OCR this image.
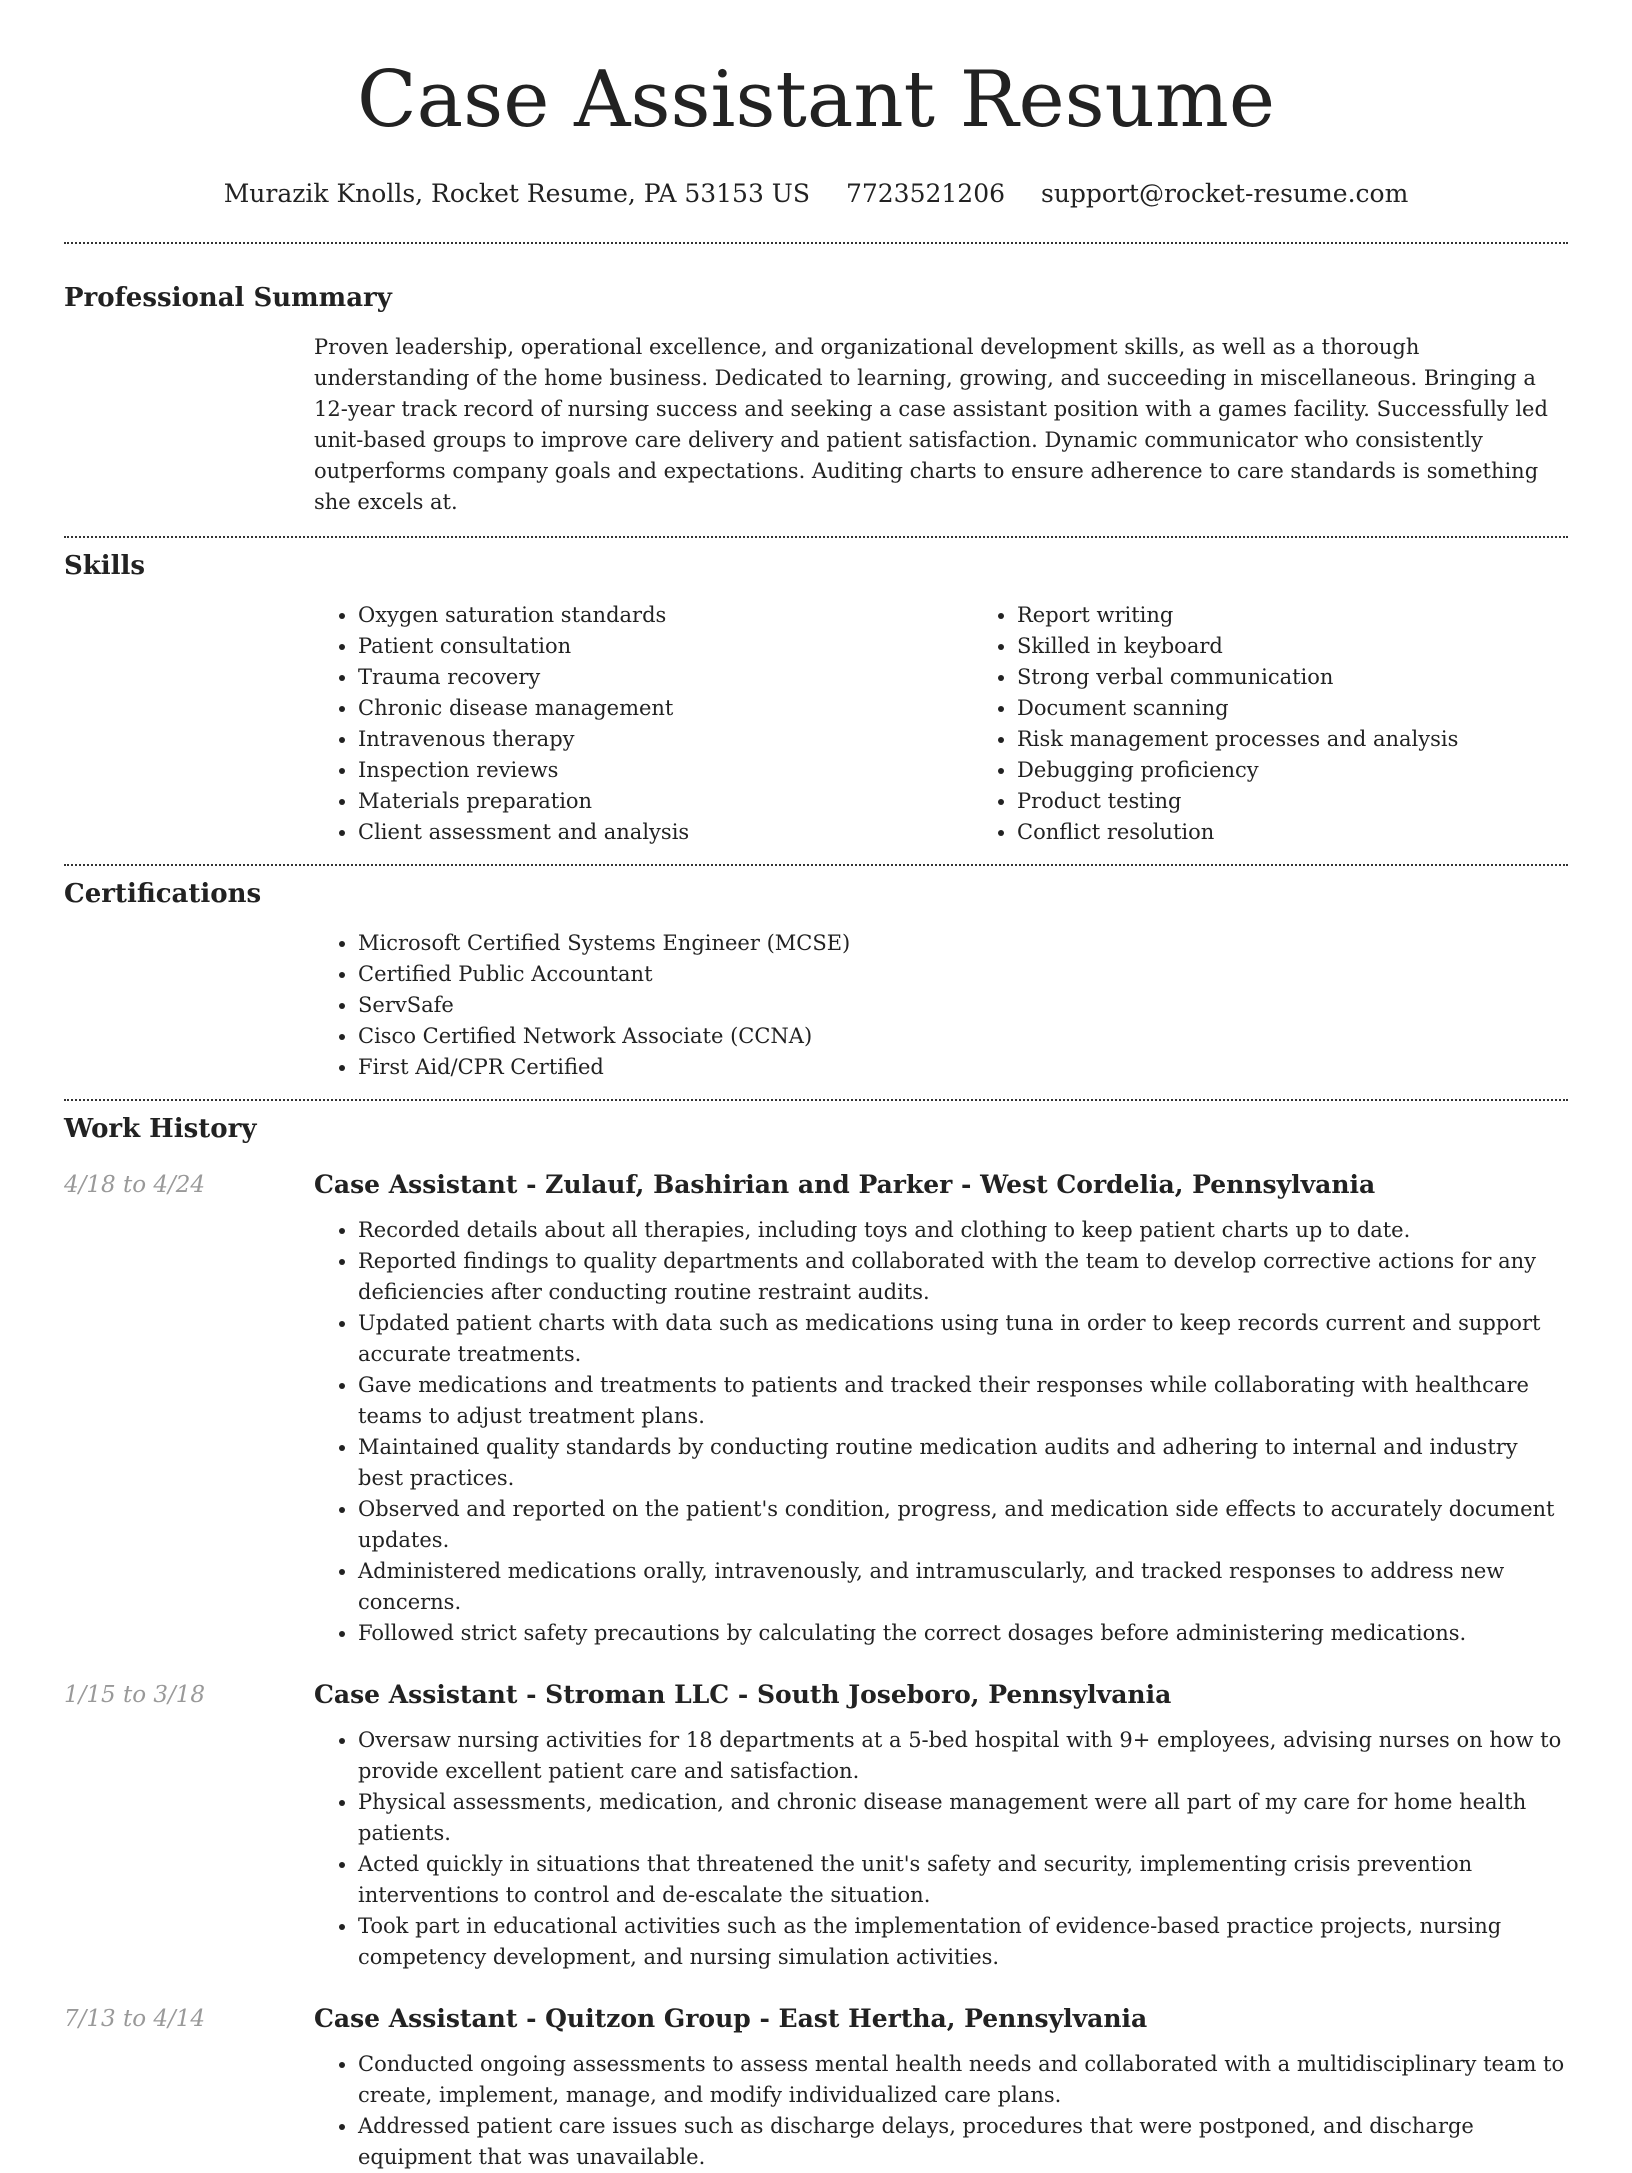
Case Assistant Resume
Murazik Knolls, Rocket Resume, PA 53153 US 7723521206 support@rocket-resume.com
Professional Summary

Proven leadership, operational excellence, and organizational development skills, as well as a thorough understanding of the home business. Dedicated to learning, growing, and succeeding in miscellaneous. Bringing a 12-year track record of nursing success and seeking a case assistant position with a games facility. Successfully led unit-based groups to improve care delivery and patient satisfaction. Dynamic communicator who consistently outperforms company goals and expectations. Auditing charts to ensure adherence to care standards is something she excels at.

Skills
• Oxygen saturation standards
• Patient consultation
• Trauma recovery
• Chronic disease management
• Intravenous therapy
• Inspection reviews
• Materials preparation
• Client assessment and analysis
• Report writing
• Skilled in keyboard
• Strong verbal communication
• Document scanning
• Risk management processes and analysis
• Debugging proficiency
• Product testing
• Conflict resolution
Certifications
• Microsoft Certified Systems Engineer (MCSE)
• Certified Public Accountant
• ServSafe
• Cisco Certified Network Associate (CCNA)
• First Aid/CPR Certified
Work History
4/18 to 4/24	Case Assistant - Zulauf, Bashirian and Parker - West Cordelia, Pennsylvania
• Recorded details about all therapies, including toys and clothing to keep patient charts up to date.
• Reported findings to quality departments and collaborated with the team to develop corrective actions for any deficiencies after conducting routine restraint audits.
• Updated patient charts with data such as medications using tuna in order to keep records current and support accurate treatments.
• Gave medications and treatments to patients and tracked their responses while collaborating with healthcare teams to adjust treatment plans.
• Maintained quality standards by conducting routine medication audits and adhering to internal and industry best practices.
• Observed and reported on the patient's condition, progress, and medication side effects to accurately document updates.
• Administered medications orally, intravenously, and intramuscularly, and tracked responses to address new concerns.
• Followed strict safety precautions by calculating the correct dosages before administering medications.
1/15 to 3/18	Case Assistant - Stroman LLC - South Joseboro, Pennsylvania
• Oversaw nursing activities for 18 departments at a 5-bed hospital with 9+ employees, advising nurses on how to provide excellent patient care and satisfaction.
• Physical assessments, medication, and chronic disease management were all part of my care for home health patients.
• Acted quickly in situations that threatened the unit's safety and security, implementing crisis prevention interventions to control and de-escalate the situation.
• Took part in educational activities such as the implementation of evidence-based practice projects, nursing competency development, and nursing simulation activities.
7/13 to 4/14	Case Assistant - Quitzon Group - East Hertha, Pennsylvania
• Conducted ongoing assessments to assess mental health needs and collaborated with a multidisciplinary team to create, implement, manage, and modify individualized care plans.
• Addressed patient care issues such as discharge delays, procedures that were postponed, and discharge equipment that was unavailable.
